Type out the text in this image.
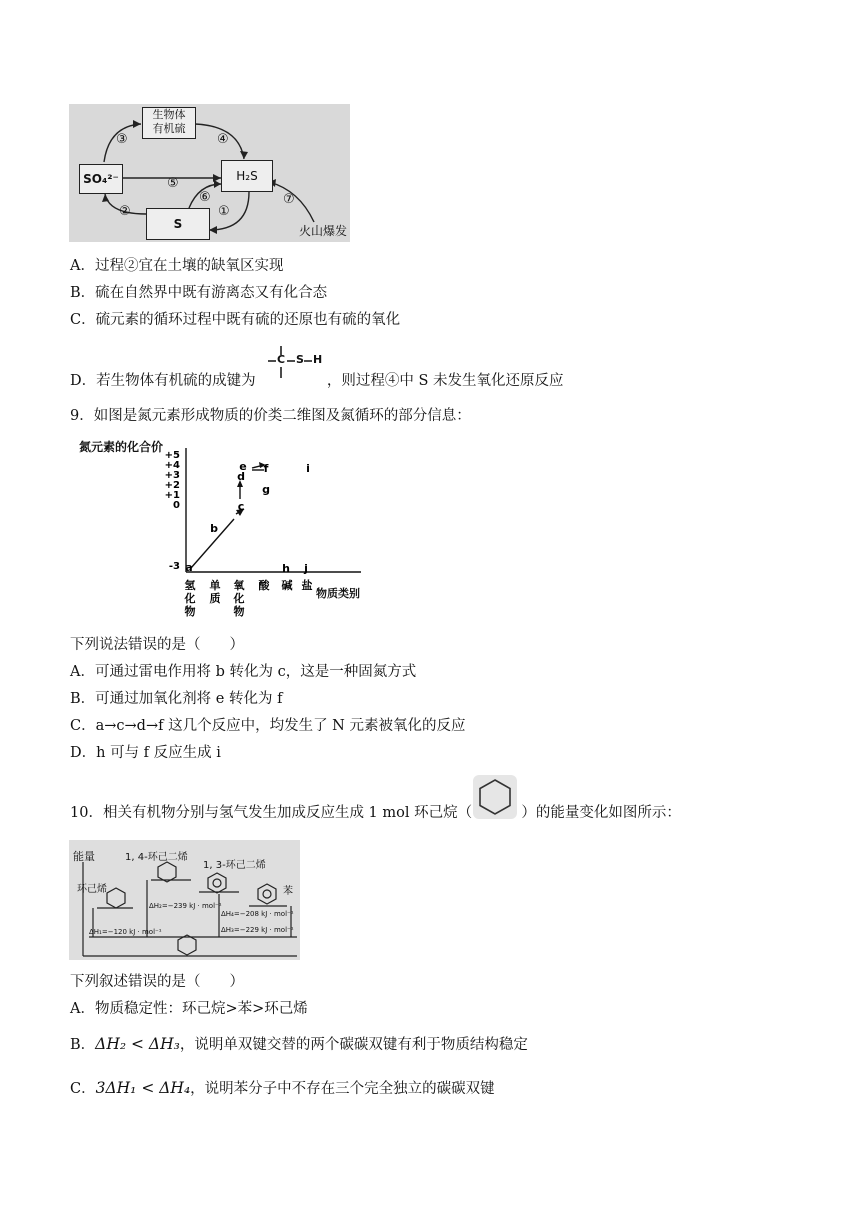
生物体
有机硫
SO₄²⁻	H₂S
S
③	④
⑤
⑥
①
②
⑦
火山爆发
A．过程②宜在土壤的缺氧区实现
B．硫在自然界中既有游离态又有化合态
C．硫元素的循环过程中既有硫的还原也有硫的氧化
D．若生物体有机硫的成键为	，则过程④中 S 未发生氧化还原反应
C S H
9．如图是氮元素形成物质的价类二维图及氮循环的部分信息：
+5
+4
+3
+2
+1
0
-3
氢
化
物
单
质
氧
化
物
酸 碱 盐
a
b
c
d
e f
g
h
i
j
氮元素的化合价
物质类别
下列说法错误的是（　　）
A．可通过雷电作用将 b 转化为 c，这是一种固氮方式
B．可通过加氧化剂将 e 转化为 f
C．a→c→d→f 这几个反应中，均发生了 N 元素被氧化的反应
D．h 可与 f 反应生成 i
10．相关有机物分别与氢气发生加成反应生成 1 mol 环己烷（	）的能量变化如图所示：
能量	1, 4-环己二烯
1, 3-环己二烯
环己烯	苯
ΔH₁=−120 kJ · mol⁻¹
ΔH₂=−239 kJ · mol⁻¹
ΔH₃=−229 kJ · mol⁻¹
ΔH₄=−208 kJ · mol⁻¹
下列叙述错误的是（　　）
A．物质稳定性：环己烷>苯>环己烯
B．ΔH₂ < ΔH₃，说明单双键交替的两个碳碳双键有利于物质结构稳定
C．3ΔH₁ < ΔH₄，说明苯分子中不存在三个完全独立的碳碳双键
